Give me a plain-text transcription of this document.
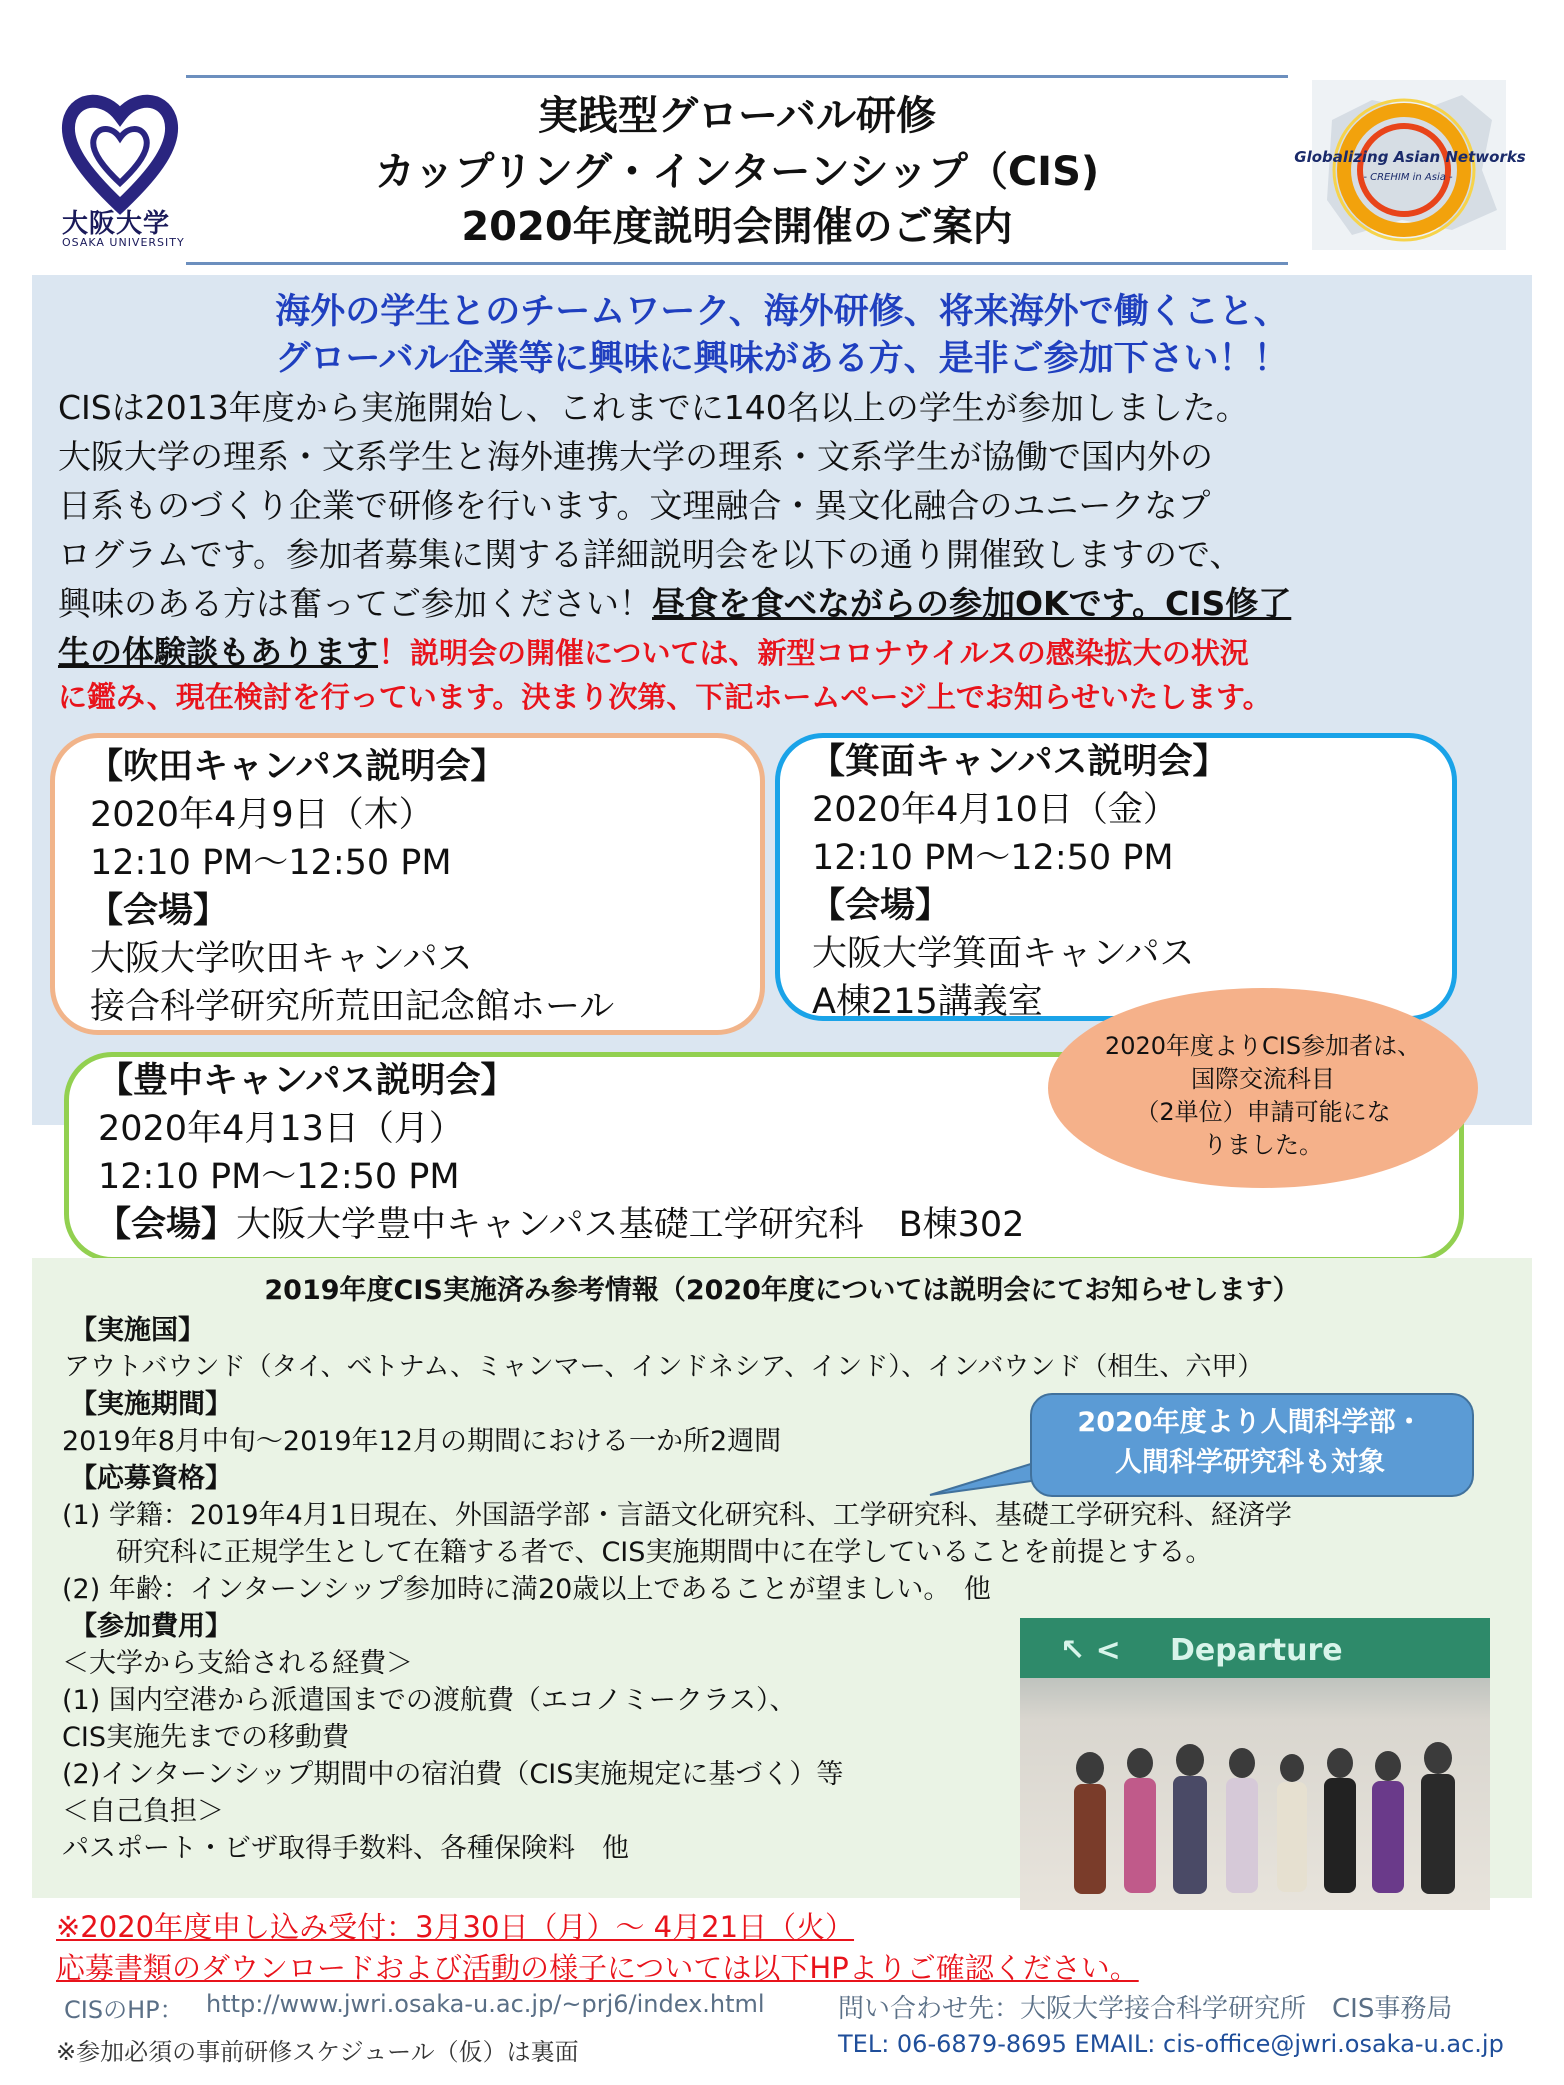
大阪大学
OSAKA UNIVERSITY
実践型グローバル研修
カップリング・インターンシップ（CIS)
2020年度説明会開催のご案内
Globalizing Asian Networks
- CREHIM in Asia -
海外の学生とのチームワーク、海外研修、将来海外で働くこと、
グローバル企業等に興味に興味がある方、是非ご参加下さい！！
CISは2013年度から実施開始し、これまでに140名以上の学生が参加しました。
大阪大学の理系・文系学生と海外連携大学の理系・文系学生が協働で国内外の
日系ものづくり企業で研修を行います。文理融合・異文化融合のユニークなプ
ログラムです。参加者募集に関する詳細説明会を以下の通り開催致しますので、
興味のある方は奮ってご参加ください！昼食を食べながらの参加OKです。CIS修了
生の体験談もあります！説明会の開催については、新型コロナウイルスの感染拡大の状況
に鑑み、現在検討を行っています。決まり次第、下記ホームページ上でお知らせいたします。
【吹田キャンパス説明会】
2020年4月9日（木）
12:10 PM～12:50 PM
【会場】
大阪大学吹田キャンパス
接合科学研究所荒田記念館ホール
【箕面キャンパス説明会】
2020年4月10日（金）
12:10 PM～12:50 PM
【会場】
大阪大学箕面キャンパス
A棟215講義室
【豊中キャンパス説明会】
2020年4月13日（月）
12:10 PM～12:50 PM
【会場】大阪大学豊中キャンパス基礎工学研究科　B棟302
2020年度よりCIS参加者は、
国際交流科目
（2単位）申請可能にな
りました。
2019年度CIS実施済み参考情報（2020年度については説明会にてお知らせします）
【実施国】
アウトバウンド（タイ、ベトナム、ミャンマー、インドネシア、インド）、インバウンド（相生、六甲）
【実施期間】
2019年8月中旬～2019年12月の期間における一か所2週間
【応募資格】
(1) 学籍：2019年4月1日現在、外国語学部・言語文化研究科、工学研究科、基礎工学研究科、経済学
研究科に正規学生として在籍する者で、CIS実施期間中に在学していることを前提とする。
(2) 年齢：インターンシップ参加時に満20歳以上であることが望ましい。　他
【参加費用】
＜大学から支給される経費＞
(1) 国内空港から派遣国までの渡航費（エコノミークラス）、
CIS実施先までの移動費
(2)インターンシップ期間中の宿泊費（CIS実施規定に基づく）等
＜自己負担＞
パスポート・ビザ取得手数料、各種保険料　他
2020年度より人間科学部・
人間科学研究科も対象
↖ < Departure
※2020年度申し込み受付：3月30日（月）～ 4月21日（火）
応募書類のダウンロードおよび活動の様子については以下HPよりご確認ください。
CISのHP： http://www.jwri.osaka-u.ac.jp/~prj6/index.html	問い合わせ先：大阪大学接合科学研究所　CIS事務局
※参加必須の事前研修スケジュール（仮）は裏面	TEL: 06-6879-8695 EMAIL: cis-office@jwri.osaka-u.ac.jp
